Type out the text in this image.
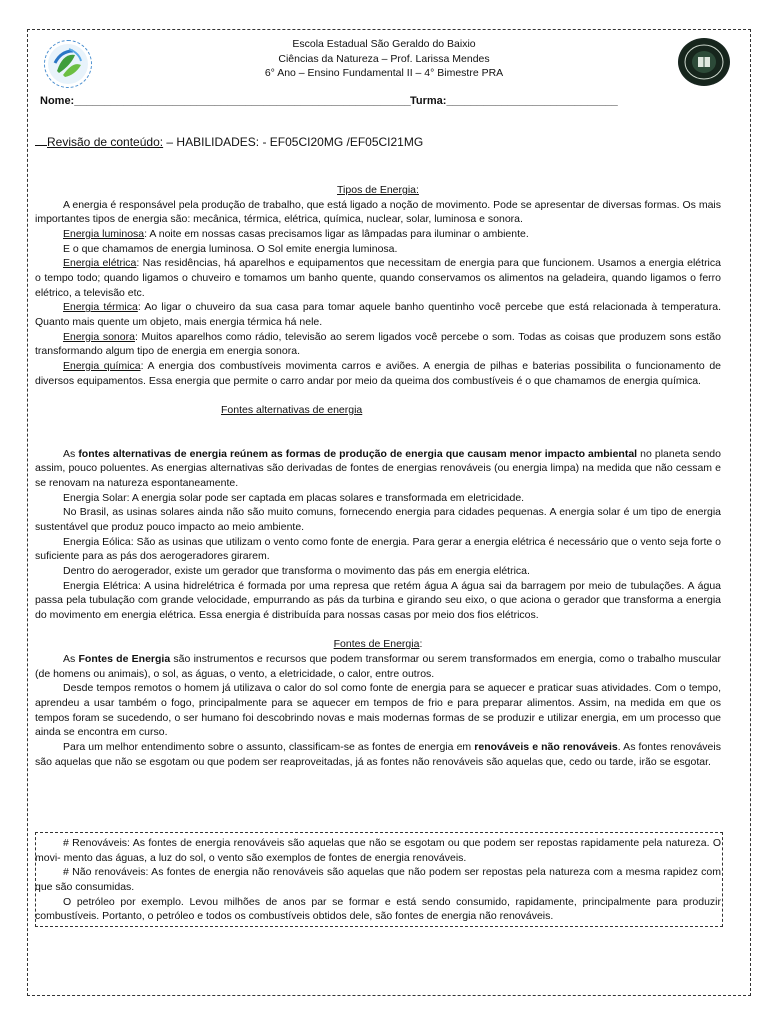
Escola Estadual São Geraldo do Baixio
Ciências da Natureza – Prof. Larissa Mendes
6° Ano – Ensino Fundamental II – 4° Bimestre PRA
Nome:_______________________________________________________ Turma:____________________________
Revisão de conteúdo: – HABILIDADES: - EF05CI20MG /EF05CI21MG

Tipos de Energia:

A energia é responsável pela produção de trabalho, que está ligado a noção de movimento. Pode se apresentar de diversas formas. Os mais importantes tipos de energia são: mecânica, térmica, elétrica, química, nuclear, solar, luminosa e sonora.

Energia luminosa: A noite em nossas casas precisamos ligar as lâmpadas para iluminar o ambiente.

E o que chamamos de energia luminosa. O Sol emite energia luminosa.

Energia elétrica: Nas residências, há aparelhos e equipamentos que necessitam de energia para que funcionem. Usamos a energia elétrica o tempo todo; quando ligamos o chuveiro e tomamos um banho quente, quando conservamos os alimentos na geladeira, quando ligamos o ferro elétrico, a televisão etc.

Energia térmica: Ao ligar o chuveiro da sua casa para tomar aquele banho quentinho você percebe que está relacionada à temperatura. Quanto mais quente um objeto, mais energia térmica há nele.

Energia sonora: Muitos aparelhos como rádio, televisão ao serem ligados você percebe o som. Todas as coisas que produzem sons estão transformando algum tipo de energia em energia sonora.

Energia química: A energia dos combustíveis movimenta carros e aviões. A energia de pilhas e baterias possibilita o funcionamento de diversos equipamentos. Essa energia que permite o carro andar por meio da queima dos combustíveis é o que chamamos de energia química.

Fontes alternativas de energia

As fontes alternativas de energia reúnem as formas de produção de energia que causam menor impacto ambiental no planeta sendo assim, pouco poluentes. As energias alternativas são derivadas de fontes de energias renováveis (ou energia limpa) na medida que não cessam e se renovam na natureza espontaneamente.

Energia Solar: A energia solar pode ser captada em placas solares e transformada em eletricidade.

No Brasil, as usinas solares ainda não são muito comuns, fornecendo energia para cidades pequenas. A energia solar é um tipo de energia sustentável que produz pouco impacto ao meio ambiente.

Energia Eólica: São as usinas que utilizam o vento como fonte de energia. Para gerar a energia elétrica é necessário que o vento seja forte o suficiente para as pás dos aerogeradores girarem.

Dentro do aerogerador, existe um gerador que transforma o movimento das pás em energia elétrica.

Energia Elétrica: A usina hidrelétrica é formada por uma represa que retém água A água sai da barragem por meio de tubulações. A água passa pela tubulação com grande velocidade, empurrando as pás da turbina e girando seu eixo, o que aciona o gerador que transforma a energia do movimento em energia elétrica. Essa energia é distribuída para nossas casas por meio dos fios elétricos.

Fontes de Energia:

As Fontes de Energia são instrumentos e recursos que podem transformar ou serem transformados em energia, como o trabalho muscular (de homens ou animais), o sol, as águas, o vento, a eletricidade, o calor, entre outros.

Desde tempos remotos o homem já utilizava o calor do sol como fonte de energia para se aquecer e praticar suas atividades. Com o tempo, aprendeu a usar também o fogo, principalmente para se aquecer em tempos de frio e para preparar alimentos. Assim, na medida em que os tempos foram se sucedendo, o ser humano foi descobrindo novas e mais modernas formas de se produzir e utilizar energia, em um processo que ainda se encontra em curso.

Para um melhor entendimento sobre o assunto, classificam-se as fontes de energia em renováveis e não renováveis. As fontes renováveis são aquelas que não se esgotam ou que podem ser reaproveitadas, já as fontes não renováveis são aquelas que, cedo ou tarde, irão se esgotar.

# Renováveis: As fontes de energia renováveis são aquelas que não se esgotam ou que podem ser repostas rapidamente pela natureza. O movi- mento das águas, a luz do sol, o vento são exemplos de fontes de energia renováveis.

# Não renováveis: As fontes de energia não renováveis são aquelas que não podem ser repostas pela natureza com a mesma rapidez com que são consumidas.

O petróleo por exemplo. Levou milhões de anos par se formar e está sendo consumido, rapidamente, principalmente para produzir combustíveis. Portanto, o petróleo e todos os combustíveis obtidos dele, são fontes de energia não renováveis.
